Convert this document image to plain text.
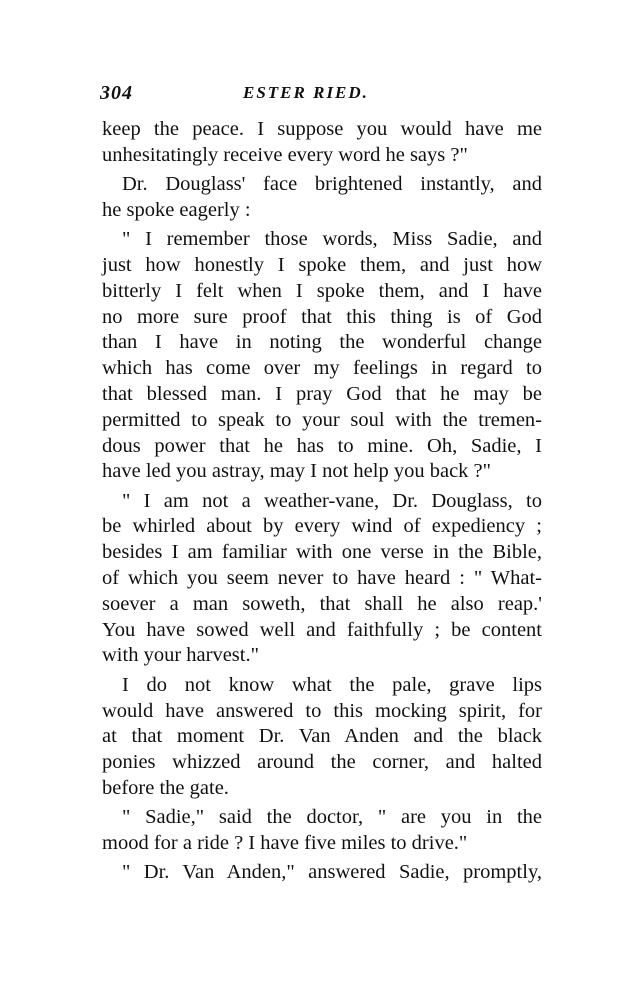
304	ESTER RIED.
keep the peace. I suppose you would have me
unhesitatingly receive every word he says ?"
Dr. Douglass' face brightened instantly, and
he spoke eagerly :
" I remember those words, Miss Sadie, and
just how honestly I spoke them, and just how
bitterly I felt when I spoke them, and I have
no more sure proof that this thing is of God
than I have in noting the wonderful change
which has come over my feelings in regard to
that blessed man. I pray God that he may be
permitted to speak to your soul with the tremen-
dous power that he has to mine. Oh, Sadie, I
have led you astray, may I not help you back ?"
" I am not a weather-vane, Dr. Douglass, to
be whirled about by every wind of expediency ;
besides I am familiar with one verse in the Bible,
of which you seem never to have heard : " What-
soever a man soweth, that shall he also reap.'
You have sowed well and faithfully ; be content
with your harvest."
I do not know what the pale, grave lips
would have answered to this mocking spirit, for
at that moment Dr. Van Anden and the black
ponies whizzed around the corner, and halted
before the gate.
" Sadie," said the doctor, " are you in the
mood for a ride ? I have five miles to drive."
" Dr. Van Anden," answered Sadie, promptly,
